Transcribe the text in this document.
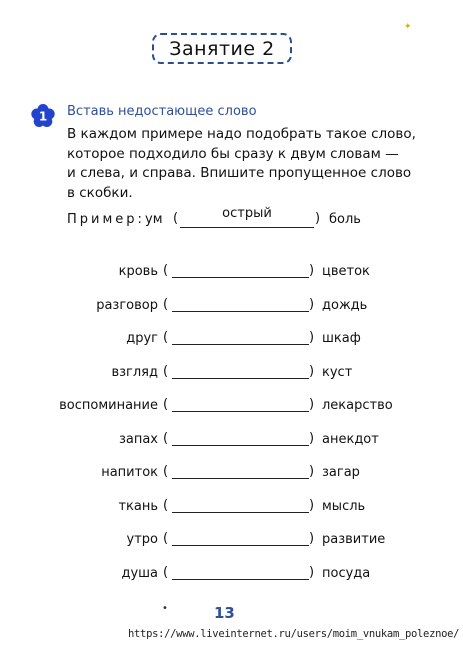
✦
Занятие 2
1 Вставь недостающее слово
В каждом примере надо подобрать такое слово,
которое подходило бы сразу к двум словам —
и слева, и справа. Впишите пропущенное слово
в скобки.
Пример: ум (	острый	) боль
кровь (	) цветок
разговор (	) дождь
друг (	) шкаф
взгляд (	) куст
воспоминание (	) лекарство
запах (	) анекдот
напиток (	) загар
ткань (	) мысль
утро (	) развитие
душа (	) посуда
•	13
https://www.liveinternet.ru/users/moim_vnukam_poleznoe/
